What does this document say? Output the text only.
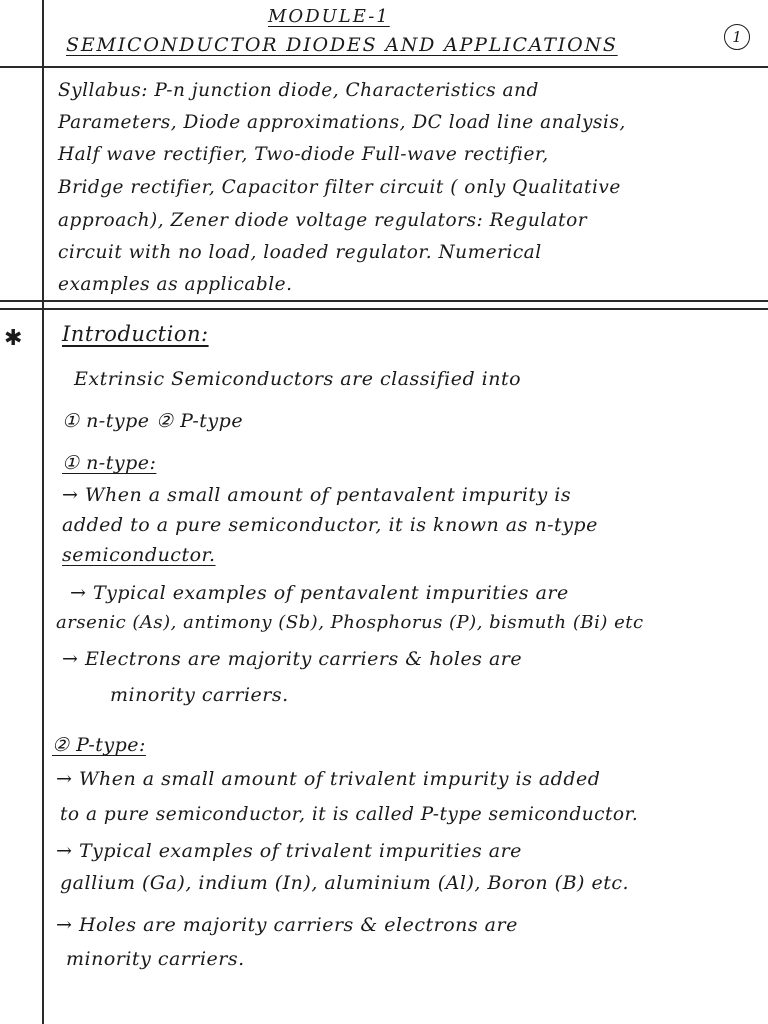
MODULE-1
SEMICONDUCTOR DIODES AND APPLICATIONS	1
Syllabus: P-n junction diode, Characteristics and
Parameters, Diode approximations, DC load line analysis,
Half wave rectifier, Two-diode Full-wave rectifier,
Bridge rectifier, Capacitor filter circuit ( only Qualitative
approach), Zener diode voltage regulators: Regulator
circuit with no load, loaded regulator. Numerical
examples as applicable.
✱ Introduction:
Extrinsic Semiconductors are classified into
① n-type ② P-type
① n-type:
→ When a small amount of pentavalent impurity is
added to a pure semiconductor, it is known as n-type
semiconductor.
→ Typical examples of pentavalent impurities are
arsenic (As), antimony (Sb), Phosphorus (P), bismuth (Bi) etc
→ Electrons are majority carriers & holes are
minority carriers.
② P-type:
→ When a small amount of trivalent impurity is added
to a pure semiconductor, it is called P-type semiconductor.
→ Typical examples of trivalent impurities are
gallium (Ga), indium (In), aluminium (Al), Boron (B) etc.
→ Holes are majority carriers & electrons are
minority carriers.
